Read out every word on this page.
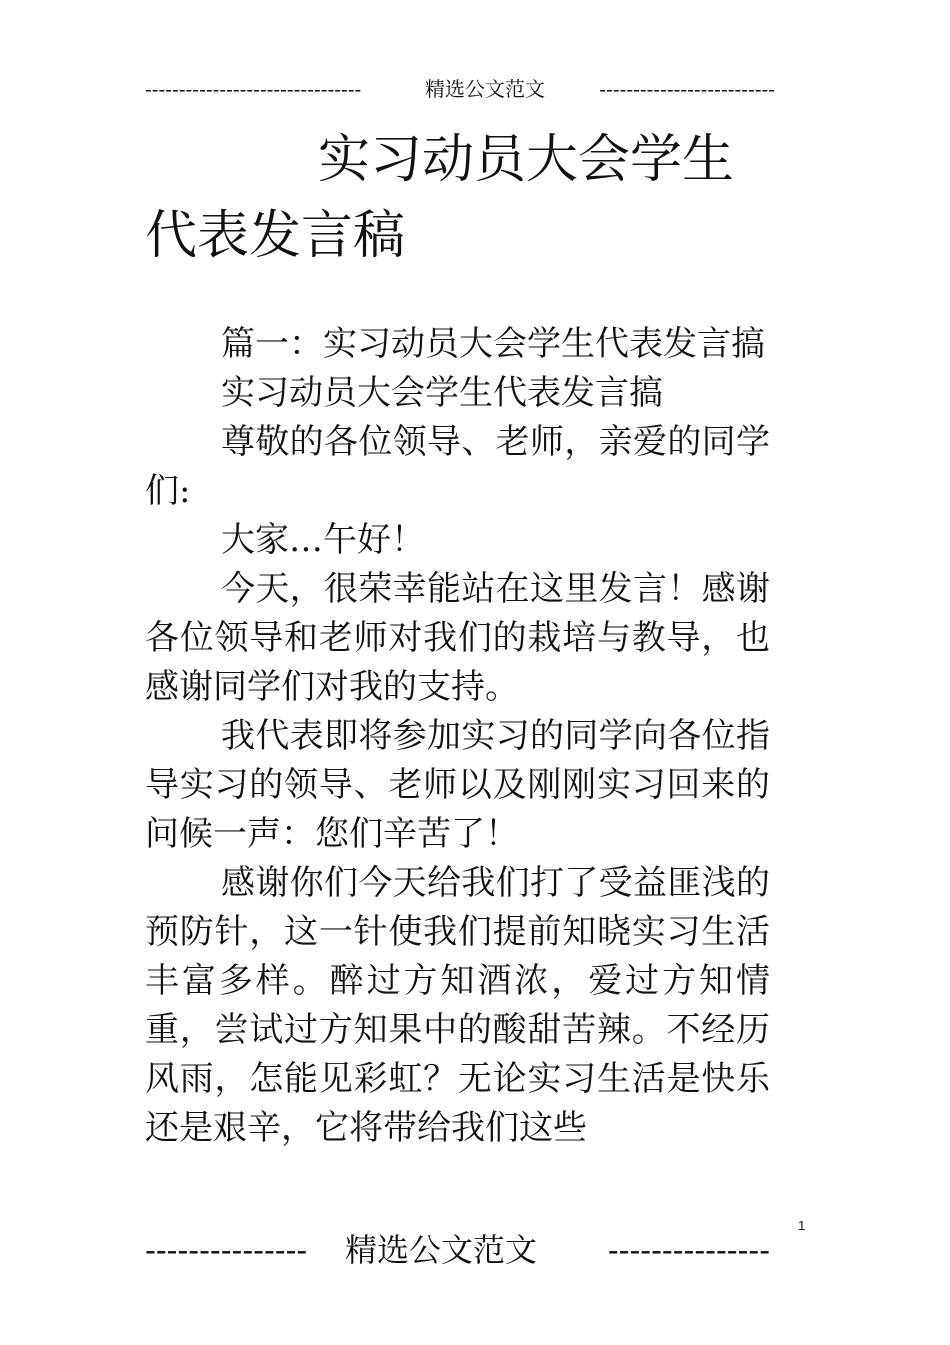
--------------------------------	精选公文范文	--------------------------
实习动员大会学生
代表发言稿

篇一：实习动员大会学生代表发言搞

实习动员大会学生代表发言搞

尊敬的各位领导、老师，亲爱的同学们:

大家…午好！

今天，很荣幸能站在这里发言！感谢各位领导和老师对我们的栽培与教导，也感谢同学们对我的支持。

我代表即将参加实习的同学向各位指导实习的领导、老师以及刚刚实习回来的问候一声：您们辛苦了！

感谢你们今天给我们打了受益匪浅的预防针，这一针使我们提前知晓实习生活丰富多样。醉过方知酒浓，爱过方知情重，尝试过方知果中的酸甜苦辣。不经历风雨，怎能见彩虹？无论实习生活是快乐还是艰辛，它将带给我们这些

1
--------------- 精选公文范文 ---------------
